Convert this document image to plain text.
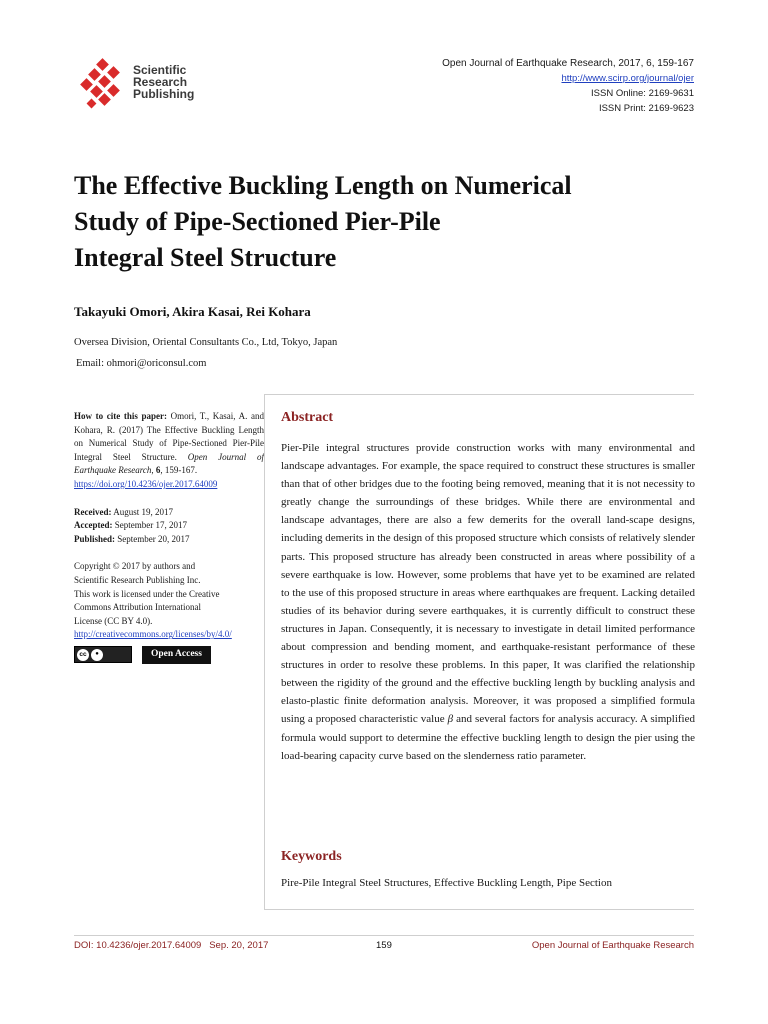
Scientific
Research
Publishing
Open Journal of Earthquake Research, 2017, 6, 159-167
http://www.scirp.org/journal/ojer
ISSN Online: 2169-9631
ISSN Print: 2169-9623
The Effective Buckling Length on Numerical
Study of Pipe-Sectioned Pier-Pile
Integral Steel Structure
Takayuki Omori, Akira Kasai, Rei Kohara
Oversea Division, Oriental Consultants Co., Ltd, Tokyo, Japan
Email: ohmori@oriconsul.com

How to cite this paper: Omori, T., Kasai, A. and Kohara, R. (2017) The Effective Buckling Length on Numerical Study of Pipe-Sectioned Pier-Pile Integral Steel Structure. Open Journal of Earthquake Research, 6, 159-167.
https://doi.org/10.4236/ojer.2017.64009

Received: August 19, 2017
Accepted: September 17, 2017
Published: September 20, 2017

Copyright © 2017 by authors and
Scientific Research Publishing Inc.
This work is licensed under the Creative
Commons Attribution International
License (CC BY 4.0).
http://creativecommons.org/licenses/by/4.0/

cc	●	Open Access
Abstract

Pier-Pile integral structures provide construction works with many environmental and landscape advantages. For example, the space required to construct these structures is smaller than that of other bridges due to the footing being removed, meaning that it is not necessity to greatly change the surroundings of these bridges. While there are environmental and landscape advantages, there are also a few demerits for the overall land-scape designs, including demerits in the design of this proposed structure which consists of relatively slender parts. This proposed structure has already been constructed in areas where possibility of a severe earthquake is low. However, some problems that have yet to be examined are related to the use of this proposed structure in areas where earthquakes are frequent. Lacking detailed studies of its behavior during severe earthquakes, it is currently difficult to construct these structures in Japan. Consequently, it is necessary to investigate in detail limited performance about compression and bending moment, and earthquake-resistant performance of these structures in order to resolve these problems. In this paper, It was clarified the relationship between the rigidity of the ground and the effective buckling length by buckling analysis and elasto-plastic finite deformation analysis. Moreover, it was proposed a simplified formula using a proposed characteristic value β and several factors for analysis accuracy. A simplified formula would support to determine the effective buckling length to design the pier using the load-bearing capacity curve based on the slenderness ratio parameter.

Keywords
Pire-Pile Integral Steel Structures, Effective Buckling Length, Pipe Section
DOI: 10.4236/ojer.2017.64009 Sep. 20, 2017	159	Open Journal of Earthquake Research
